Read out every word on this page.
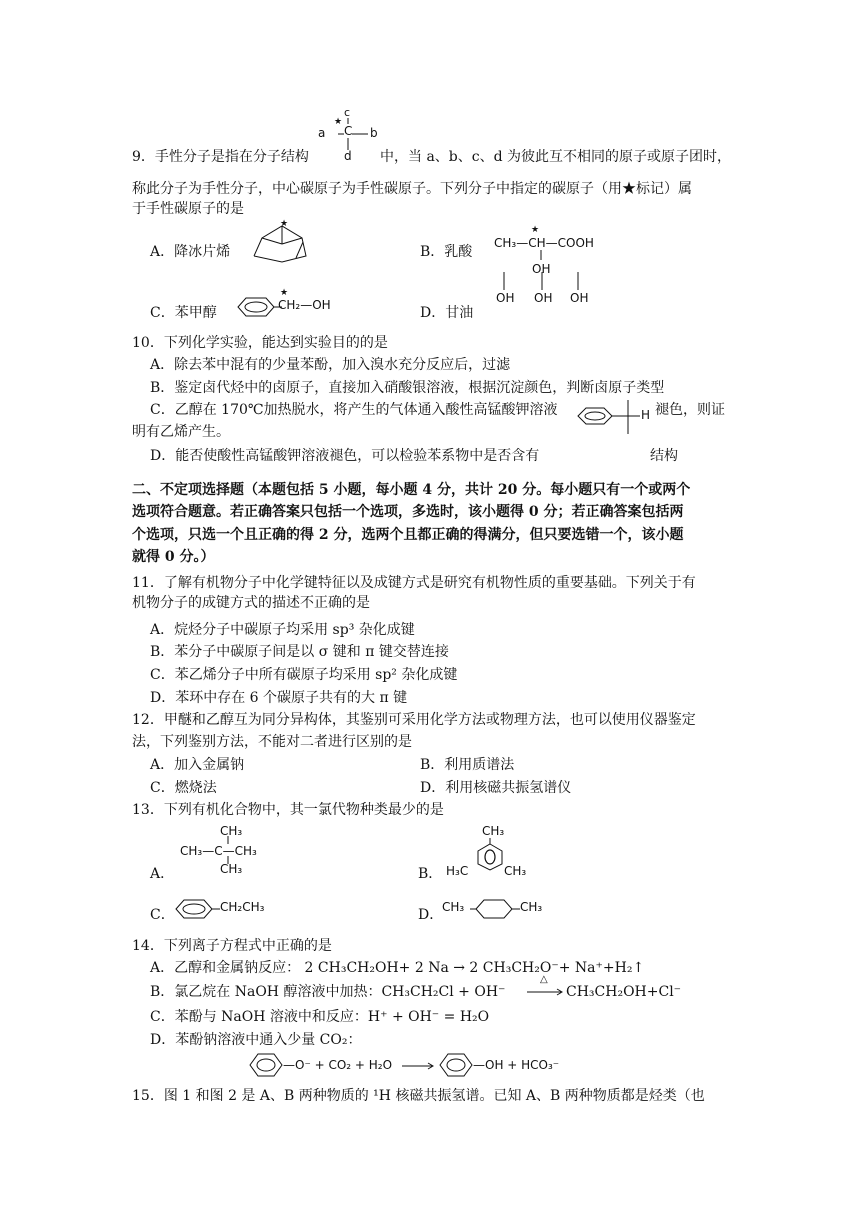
c
★
a C b
9．手性分子是指在分子结构	d 中，当 a、b、c、d 为彼此互不相同的原子或原子团时，
称此分子为手性分子，中心碳原子为手性碳原子。下列分子中指定的碳原子（用★标记）属
于手性碳原子的是
A．降冰片烯
★
B．乳酸
★
CH₃—CH—COOH
OH
C．苯甲醇
★
CH₂—OH	D．甘油
OH OH OH
10．下列化学实验，能达到实验目的的是
A．除去苯中混有的少量苯酚，加入溴水充分反应后，过滤
B．鉴定卤代烃中的卤原子，直接加入硝酸银溶液，根据沉淀颜色，判断卤原子类型
C．乙醇在 170℃加热脱水，将产生的气体通入酸性高锰酸钾溶液	H 褪色，则证
明有乙烯产生。
D．能否使酸性高锰酸钾溶液褪色，可以检验苯系物中是否含有	结构
二、不定项选择题（本题包括 5 小题，每小题 4 分，共计 20 分。每小题只有一个或两个
选项符合题意。若正确答案只包括一个选项，多选时，该小题得 0 分；若正确答案包括两
个选项，只选一个且正确的得 2 分，选两个且都正确的得满分，但只要选错一个，该小题
就得 0 分。）
11．了解有机物分子中化学键特征以及成键方式是研究有机物性质的重要基础。下列关于有
机物分子的成键方式的描述不正确的是
A．烷烃分子中碳原子均采用 sp³ 杂化成键
B．苯分子中碳原子间是以 σ 键和 π 键交替连接
C．苯乙烯分子中所有碳原子均采用 sp² 杂化成键
D．苯环中存在 6 个碳原子共有的大 π 键
12．甲醚和乙醇互为同分异构体，其鉴别可采用化学方法或物理方法，也可以使用仪器鉴定
法，下列鉴别方法，不能对二者进行区别的是
A．加入金属钠	B．利用质谱法
C．燃烧法	D．利用核磁共振氢谱仪
13．下列有机化合物中，其一氯代物种类最少的是
A．
CH₃
CH₃—C—CH₃
CH₃	B．
CH₃
H₃C	CH₃
C．	CH₂CH₃	D．
CH₃	CH₃
14．下列离子方程式中正确的是
A．乙醇和金属钠反应： 2 CH₃CH₂OH+ 2 Na → 2 CH₃CH₂O⁻+ Na⁺+H₂↑
B．氯乙烷在 NaOH 醇溶液中加热：CH₃CH₂Cl + OH⁻
△
CH₃CH₂OH+Cl⁻
C．苯酚与 NaOH 溶液中和反应：H⁺ + OH⁻ = H₂O
D．苯酚钠溶液中通入少量 CO₂：
—O⁻ + CO₂ + H₂O	—OH + HCO₃⁻
15．图 1 和图 2 是 A、B 两种物质的 ¹H 核磁共振氢谱。已知 A、B 两种物质都是烃类（也
